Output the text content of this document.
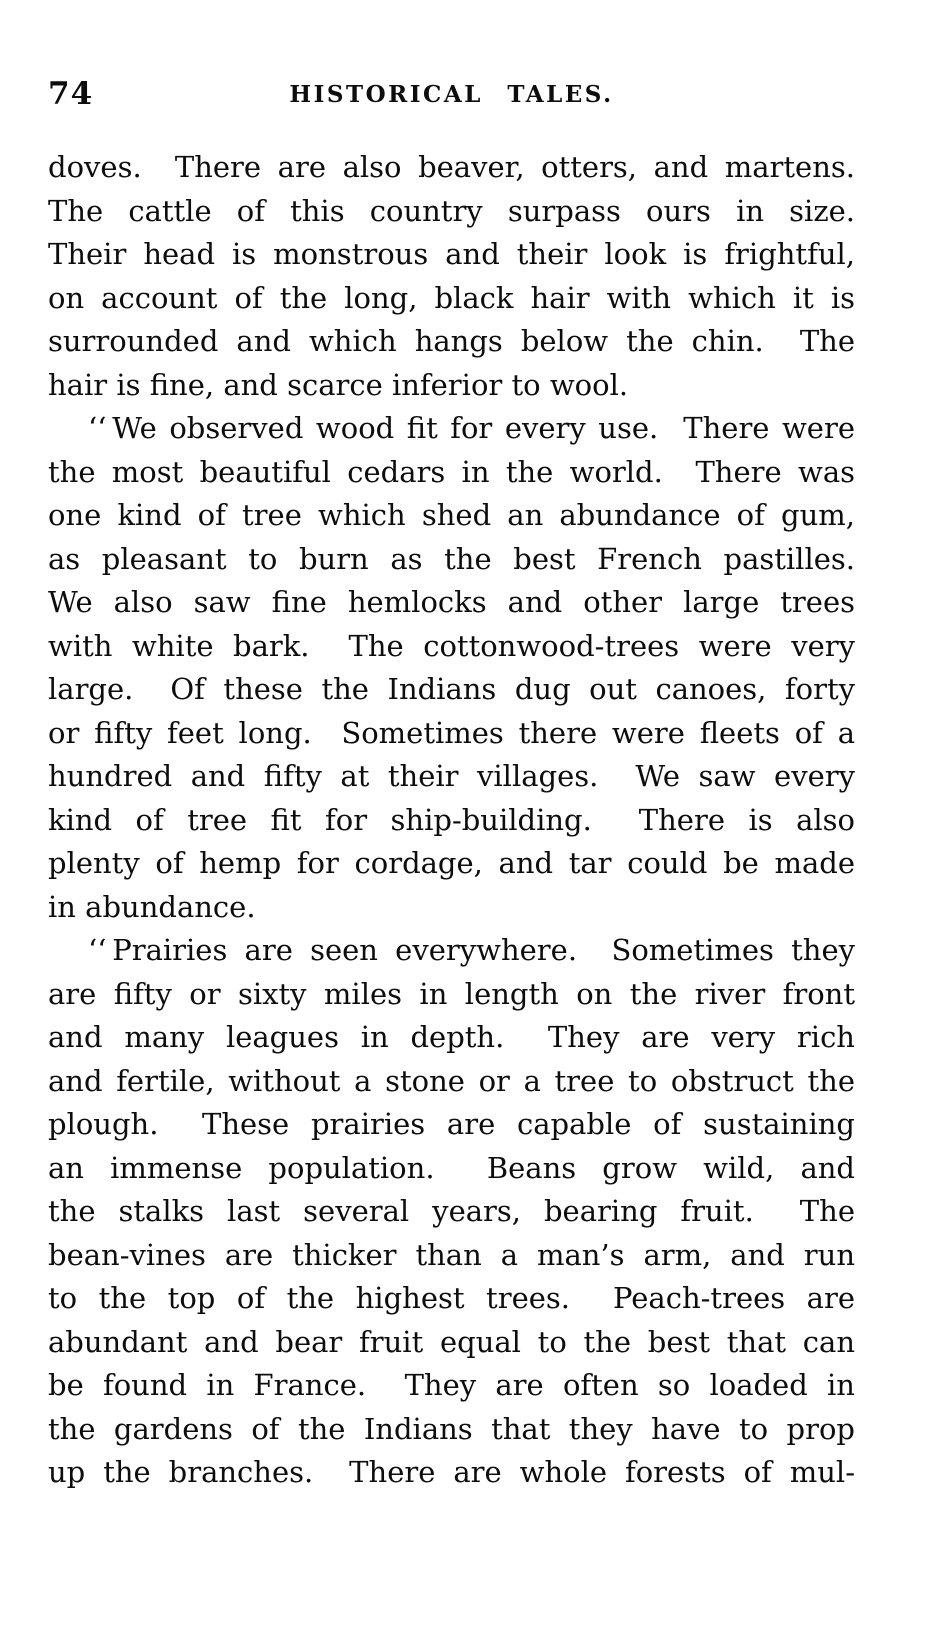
74	HISTORICAL TALES.
doves.  There are also beaver, otters, and martens.
The cattle of this country surpass ours in size.
Their head is monstrous and their look is frightful,
on account of the long, black hair with which it is
surrounded and which hangs below the chin.  The
hair is fine, and scarce inferior to wool.
‘‘ We observed wood fit for every use.  There were
the most beautiful cedars in the world.  There was
one kind of tree which shed an abundance of gum,
as pleasant to burn as the best French pastilles.
We also saw fine hemlocks and other large trees
with white bark.  The cottonwood-trees were very
large.  Of these the Indians dug out canoes, forty
or fifty feet long.  Sometimes there were fleets of a
hundred and fifty at their villages.  We saw every
kind of tree fit for ship-building.  There is also
plenty of hemp for cordage, and tar could be made
in abundance.
‘‘ Prairies are seen everywhere.  Sometimes they
are fifty or sixty miles in length on the river front
and many leagues in depth.  They are very rich
and fertile, without a stone or a tree to obstruct the
plough.  These prairies are capable of sustaining
an immense population.  Beans grow wild, and
the stalks last several years, bearing fruit.  The
bean-vines are thicker than a man’s arm, and run
to the top of the highest trees.  Peach-trees are
abundant and bear fruit equal to the best that can
be found in France.  They are often so loaded in
the gardens of the Indians that they have to prop
up the branches.  There are whole forests of mul-
